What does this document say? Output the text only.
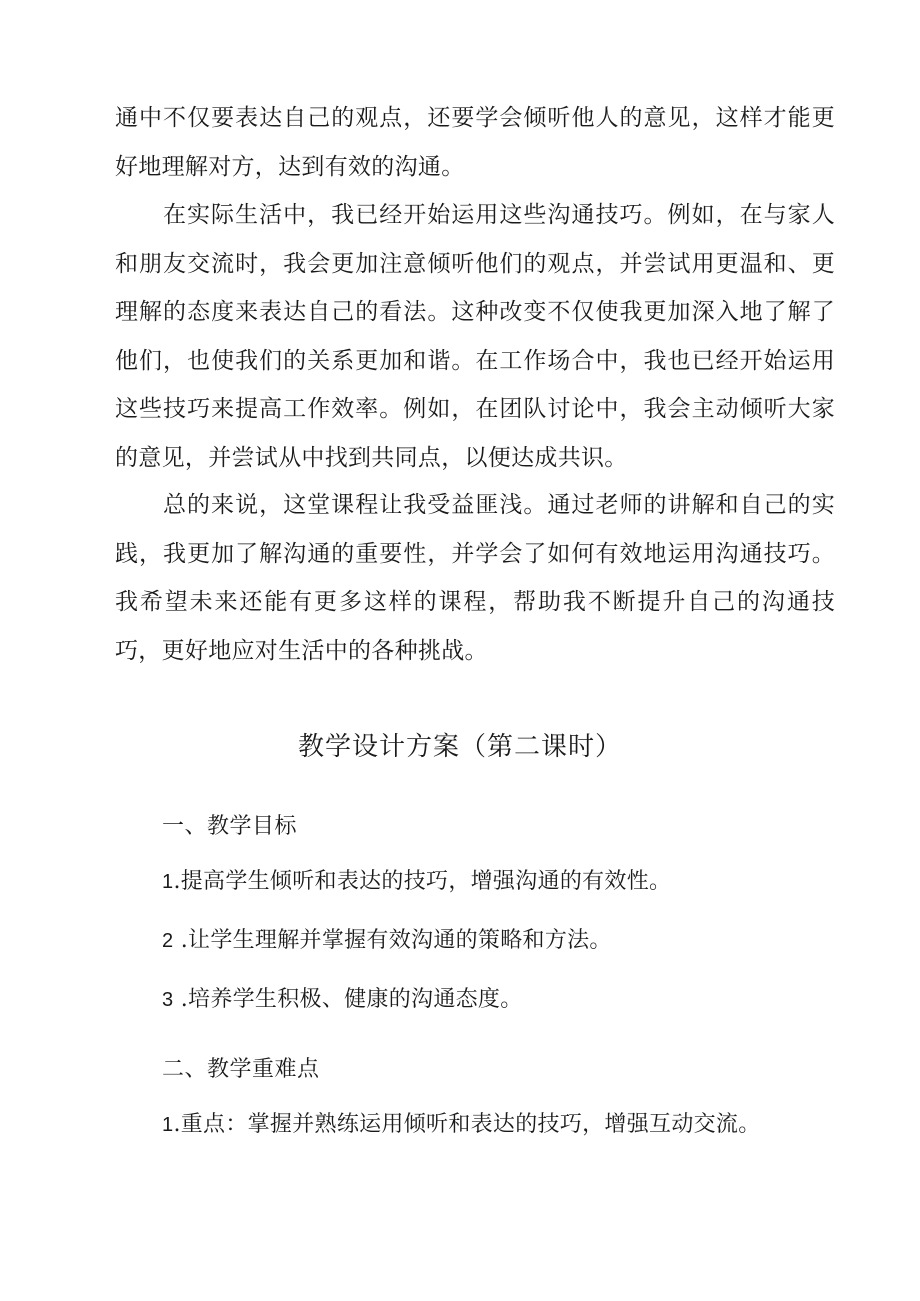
通中不仅要表达自己的观点，还要学会倾听他人的意见，这样才能更好地理解对方，达到有效的沟通。

在实际生活中，我已经开始运用这些沟通技巧。例如，在与家人和朋友交流时，我会更加注意倾听他们的观点，并尝试用更温和、更理解的态度来表达自己的看法。这种改变不仅使我更加深入地了解了他们，也使我们的关系更加和谐。在工作场合中，我也已经开始运用这些技巧来提高工作效率。例如，在团队讨论中，我会主动倾听大家的意见，并尝试从中找到共同点，以便达成共识。

总的来说，这堂课程让我受益匪浅。通过老师的讲解和自己的实践，我更加了解沟通的重要性，并学会了如何有效地运用沟通技巧。我希望未来还能有更多这样的课程，帮助我不断提升自己的沟通技巧，更好地应对生活中的各种挑战。

教学设计方案（第二课时）
一、教学目标

1.提高学生倾听和表达的技巧，增强沟通的有效性。

2 .让学生理解并掌握有效沟通的策略和方法。

3 .培养学生积极、健康的沟通态度。

二、教学重难点

1.重点：掌握并熟练运用倾听和表达的技巧，增强互动交流。
